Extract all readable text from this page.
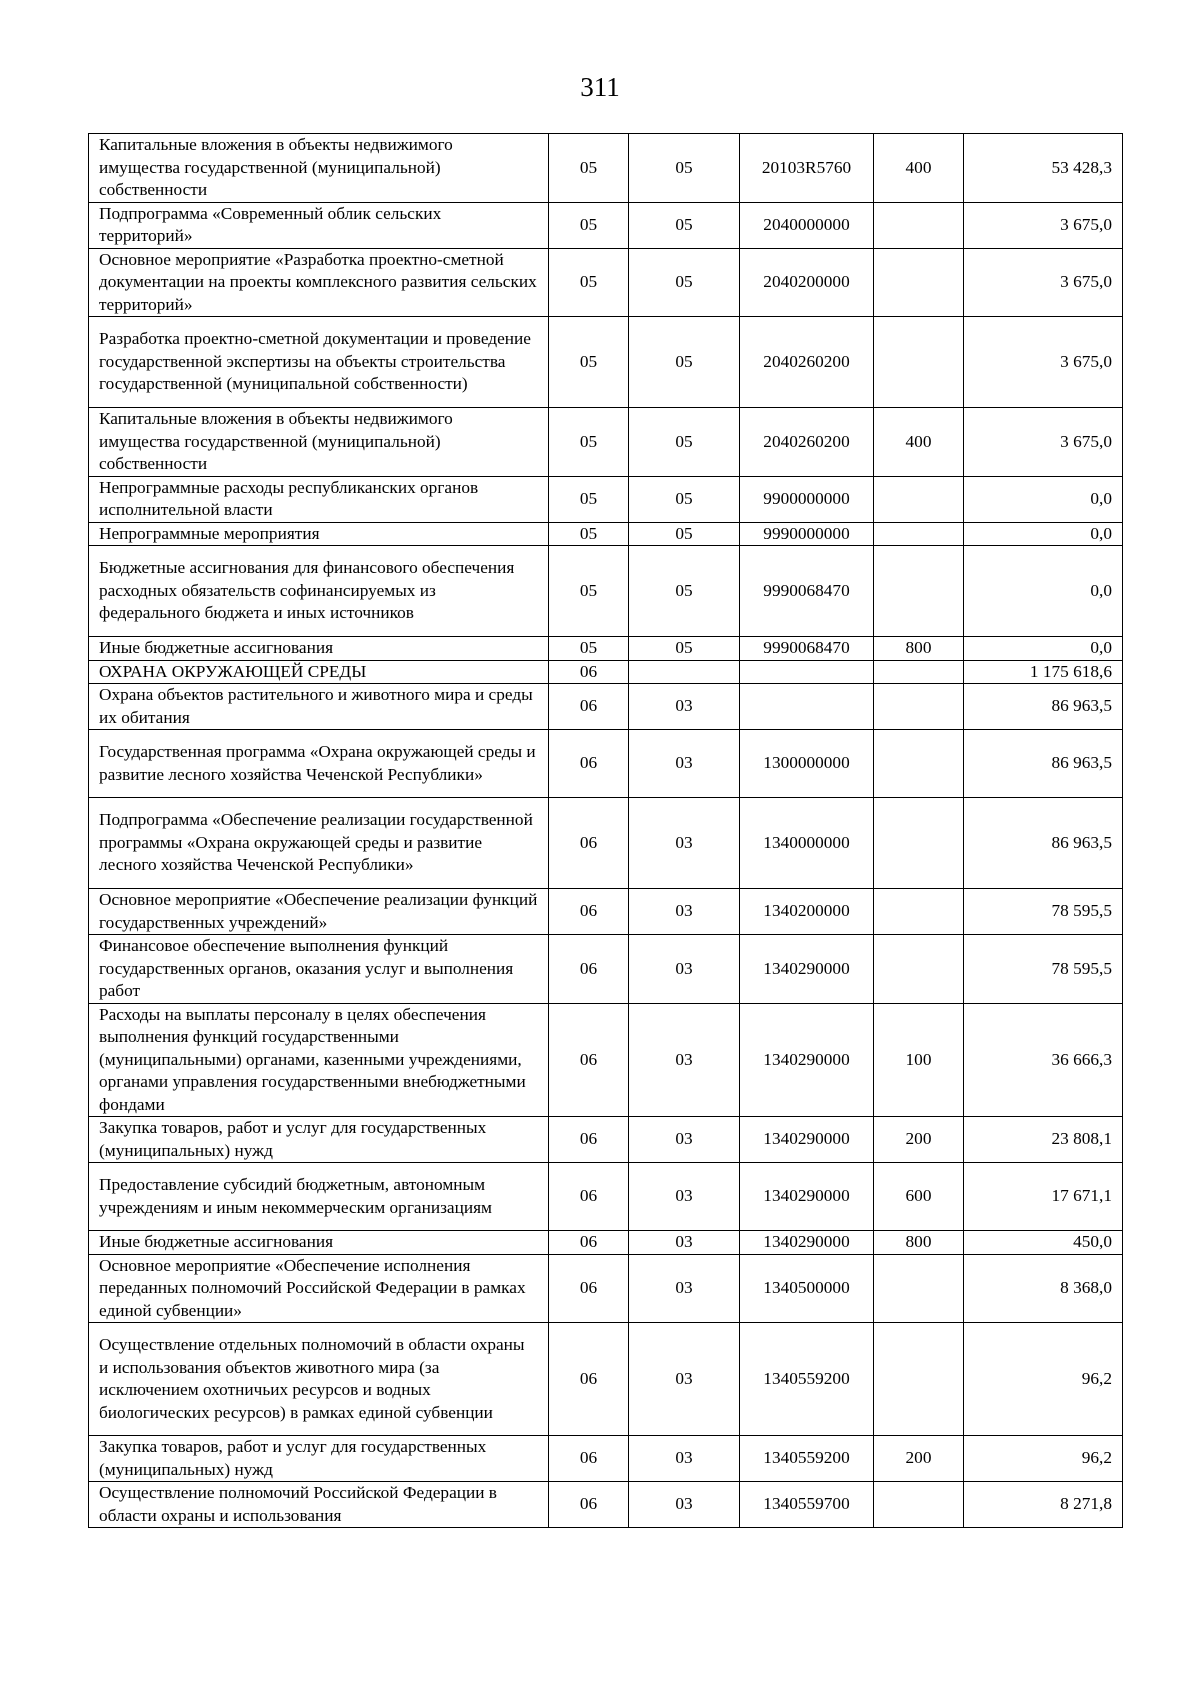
311
Капитальные вложения в объекты недвижимого имущества государственной (муниципальной) собственности	05	05	20103R5760	400	53 428,3
Подпрограмма «Современный облик сельских территорий»	05	05	2040000000		3 675,0
Основное мероприятие «Разработка проектно-сметной документации на проекты комплексного развития сельских территорий»	05	05	2040200000		3 675,0
Разработка проектно-сметной документации и проведение государственной экспертизы на объекты строительства государственной (муниципальной собственности)	05	05	2040260200		3 675,0
Капитальные вложения в объекты недвижимого имущества государственной (муниципальной) собственности	05	05	2040260200	400	3 675,0
Непрограммные расходы республиканских органов исполнительной власти	05	05	9900000000		0,0
Непрограммные мероприятия	05	05	9990000000		0,0
Бюджетные ассигнования для финансового обеспечения расходных обязательств софинансируемых из федерального бюджета и иных источников	05	05	9990068470		0,0
Иные бюджетные ассигнования	05	05	9990068470	800	0,0
ОХРАНА ОКРУЖАЮЩЕЙ СРЕДЫ	06				1 175 618,6
Охрана объектов растительного и животного мира и среды их обитания	06	03			86 963,5
Государственная программа «Охрана окружающей среды и развитие лесного хозяйства Чеченской Республики»	06	03	1300000000		86 963,5
Подпрограмма «Обеспечение реализации государственной программы «Охрана окружающей среды и развитие лесного хозяйства Чеченской Республики»	06	03	1340000000		86 963,5
Основное мероприятие «Обеспечение реализации функций государственных учреждений»	06	03	1340200000		78 595,5
Финансовое обеспечение выполнения функций государственных органов, оказания услуг и выполнения работ	06	03	1340290000		78 595,5
Расходы на выплаты персоналу в целях обеспечения выполнения функций государственными (муниципальными) органами, казенными учреждениями, органами управления государственными внебюджетными фондами	06	03	1340290000	100	36 666,3
Закупка товаров, работ и услуг для государственных (муниципальных) нужд	06	03	1340290000	200	23 808,1
Предоставление субсидий бюджетным, автономным учреждениям и иным некоммерческим организациям	06	03	1340290000	600	17 671,1
Иные бюджетные ассигнования	06	03	1340290000	800	450,0
Основное мероприятие «Обеспечение исполнения переданных полномочий Российской Федерации в рамках единой субвенции»	06	03	1340500000		8 368,0
Осуществление отдельных полномочий в области охраны и использования объектов животного мира (за исключением охотничьих ресурсов и водных биологических ресурсов) в рамках единой субвенции	06	03	1340559200		96,2
Закупка товаров, работ и услуг для государственных (муниципальных) нужд	06	03	1340559200	200	96,2
Осуществление полномочий Российской Федерации в области охраны и использования	06	03	1340559700		8 271,8
